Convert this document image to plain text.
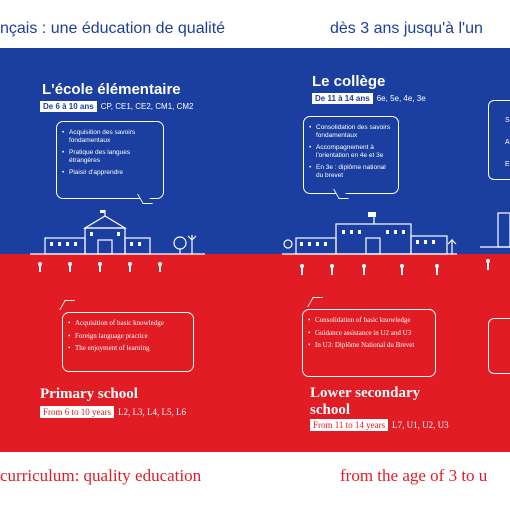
nçais : une éducation de qualité	dès 3 ans jusqu'à l'un
curriculum: quality education	from the age of 3 to u
L'école élémentaire
De 6 à 10 ans CP, CE1, CE2, CM1, CM2
• Acquisition des savoirs fondamentaux
• Pratique des langues étrangères
• Plaisir d'apprendre
• Acquisition of basic knowledge
• Foreign language practice
• The enjoyment of learning
Primary school
From 6 to 10 years L2, L3, L4, L5, L6
Le collège
De 11 à 14 ans 6e, 5e, 4e, 3e
• Consolidation des savoirs fondamentaux
• Accompagnement à l'orientation en 4e et 3e
• En 3e : diplôme national du brevet
• Consolidation of basic knowledge
• Guidance assistance in U2 and U3
• In U3: Diplôme National du Brevet
Lower secondary school
From 11 to 14 years L7, U1, U2, U3
S
A
E
